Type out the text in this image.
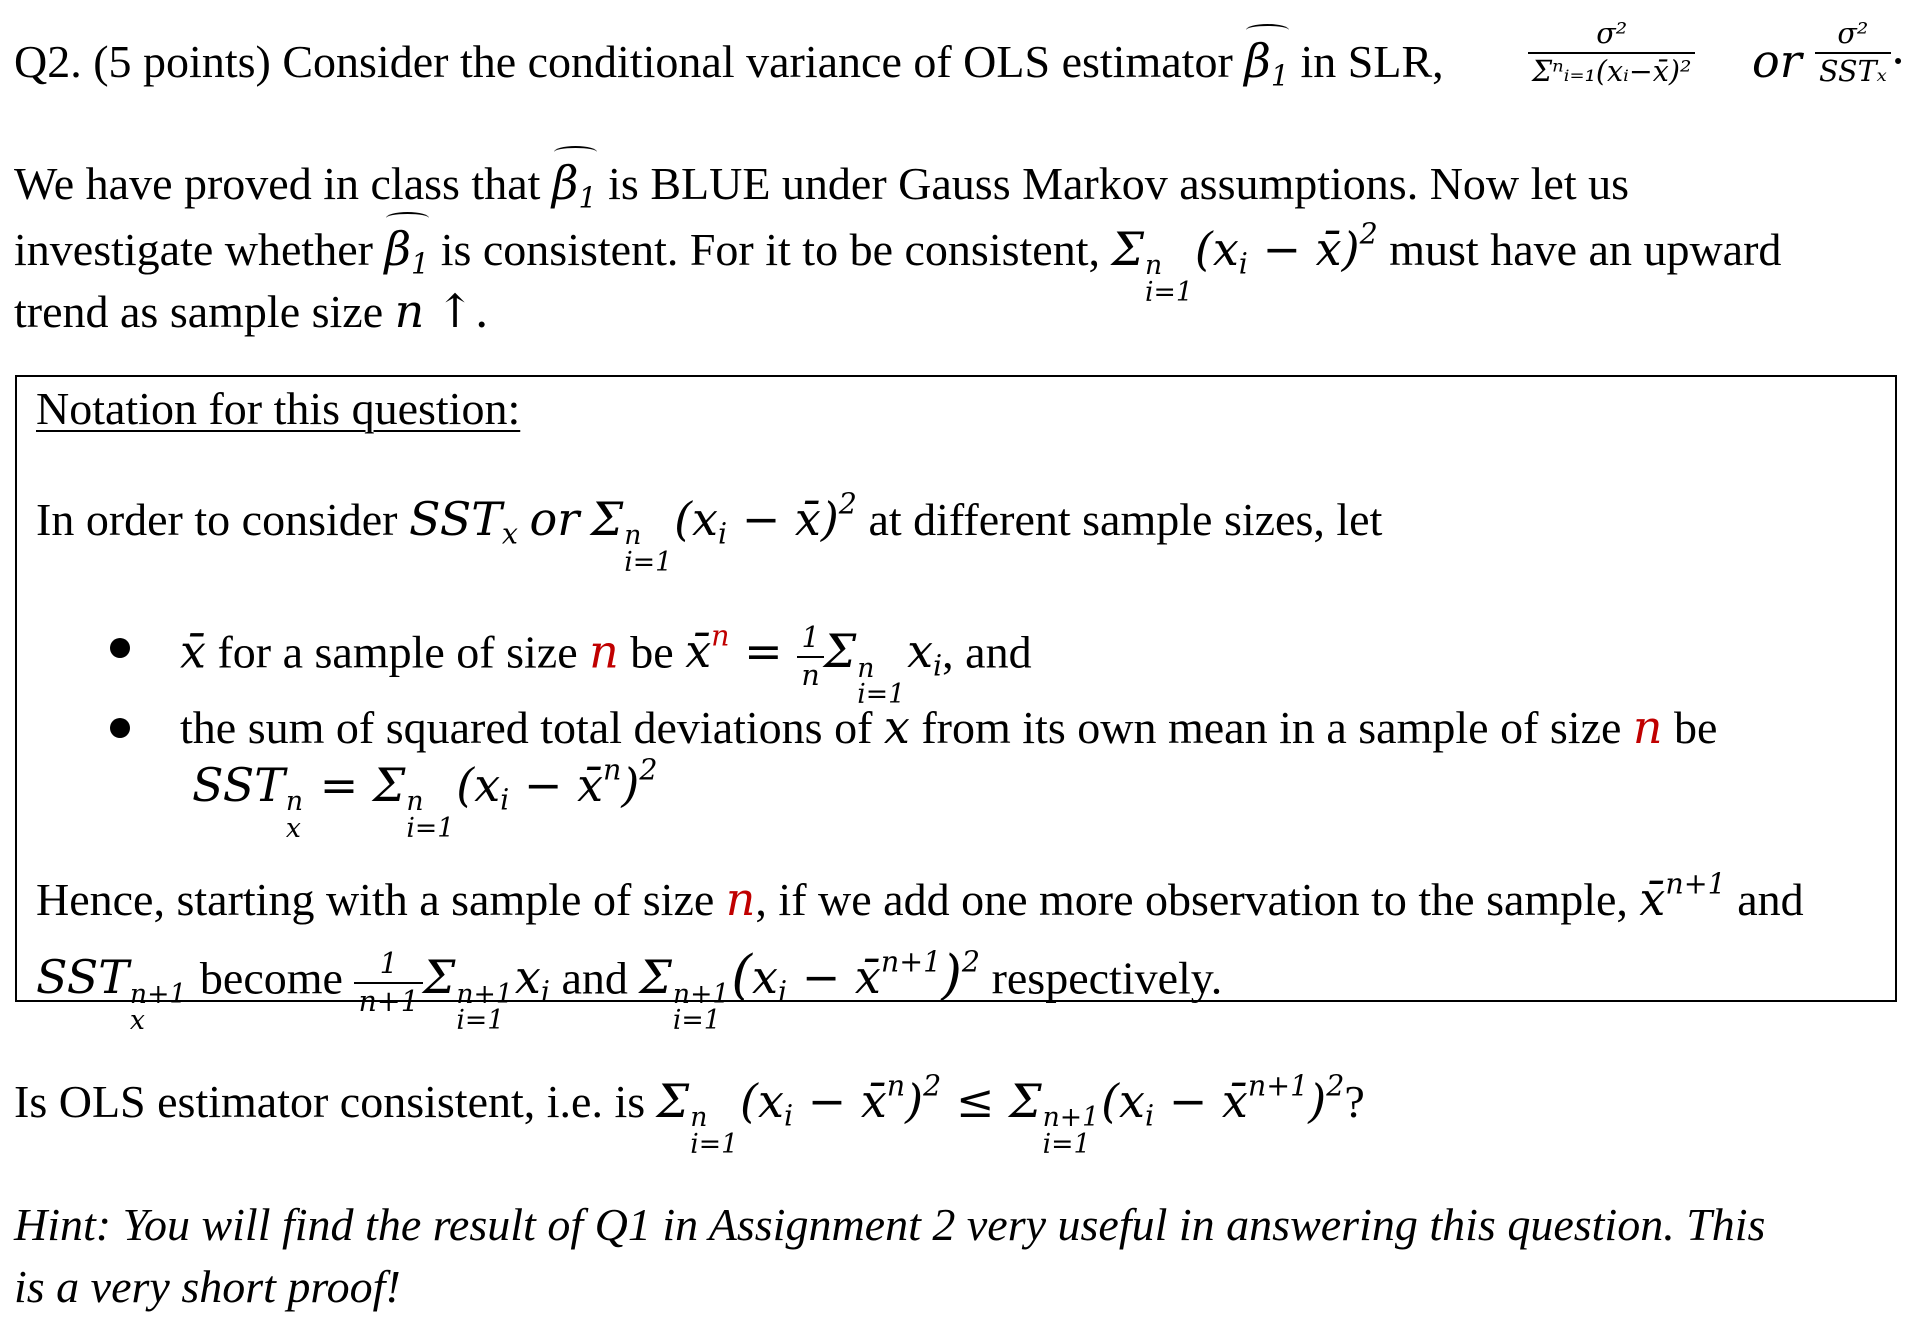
Q2. (5 points) Consider the conditional variance of OLS estimator $\beta_1$ in SLR,	$\frac{\text{σ²}}{\text{Σⁿᵢ₌₁(xᵢ−x̄)²}}$ or $\frac{\text{σ²}}{\text{SSTₓ}}$ .
We have proved in class that $\beta_1$ is BLUE under Gauss Markov assumptions. Now let us
investigate whether $\beta_1$ is consistent. For it to be consistent, Σ n
i=1
($x_i$ − x̄)$^2$ must have an upward
trend as sample size n ↑.
Notation for this question:
In order to consider $SST_x$ or Σ n
i=1
($x_i$ − x̄)$^2$ at different sample sizes, let
x̄ for a sample of size n be x̄$^n$ = $\frac{1}{n}$ Σ n
i=1
$x_i$, and
the sum of squared total deviations of x from its own mean in a sample of size n be
SST n
x
= Σ n
i=1
($x_i$ − x̄$^n$)$^2$
Hence, starting with a sample of size n, if we add one more observation to the sample, x̄$^{n+1}$ and
SST n+1
x
become $\frac{1}{n+1}$ Σ n+1
i=1
$x_i$ and Σ n+1
i=1
($x_i$ − x̄$^{n+1}$)$^2$ respectively.
Is OLS estimator consistent, i.e. is Σ n
i=1
($x_i$ − x̄$^n$)$^2$ ≤ Σ n+1
i=1
($x_i$ − x̄$^{n+1}$)$^2$?
Hint: You will find the result of Q1 in Assignment 2 very useful in answering this question. This
is a very short proof!
